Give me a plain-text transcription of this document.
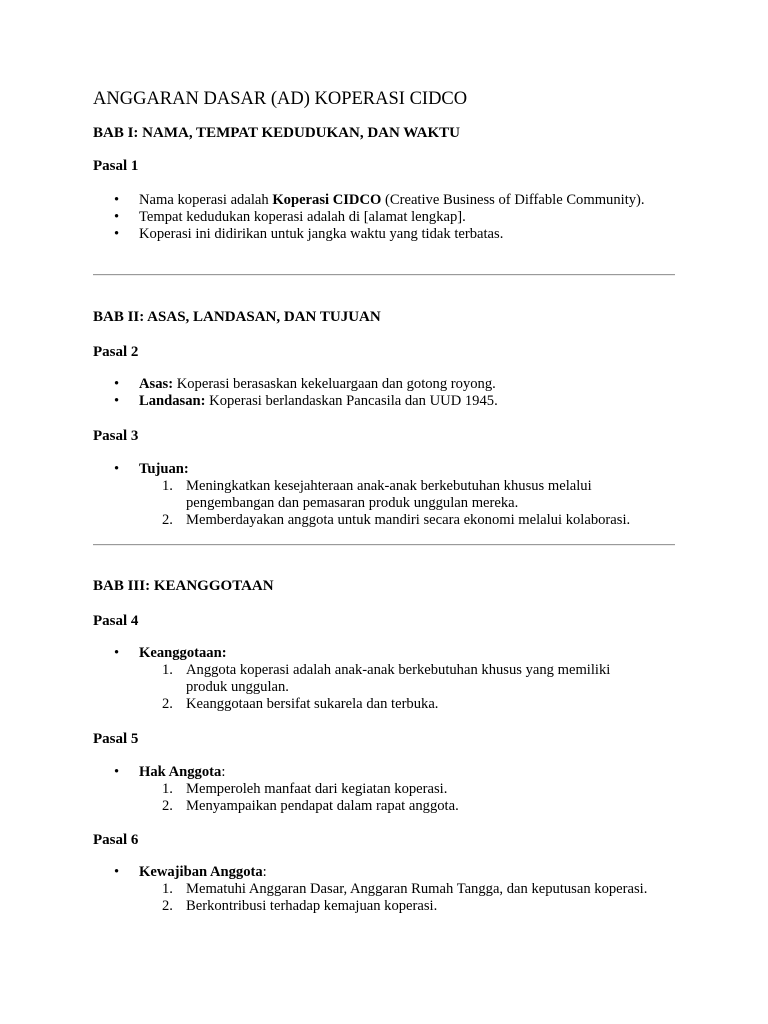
ANGGARAN DASAR (AD) KOPERASI CIDCO
BAB I: NAMA, TEMPAT KEDUDUKAN, DAN WAKTU
Pasal 1
• Nama koperasi adalah Koperasi CIDCO (Creative Business of Diffable Community).
• Tempat kedudukan koperasi adalah di [alamat lengkap].
• Koperasi ini didirikan untuk jangka waktu yang tidak terbatas.
BAB II: ASAS, LANDASAN, DAN TUJUAN
Pasal 2
• Asas: Koperasi berasaskan kekeluargaan dan gotong royong.
• Landasan: Koperasi berlandaskan Pancasila dan UUD 1945.
Pasal 3
• Tujuan:
1. Meningkatkan kesejahteraan anak-anak berkebutuhan khusus melalui pengembangan dan pemasaran produk unggulan mereka.
2. Memberdayakan anggota untuk mandiri secara ekonomi melalui kolaborasi.
BAB III: KEANGGOTAAN
Pasal 4
• Keanggotaan:
1. Anggota koperasi adalah anak-anak berkebutuhan khusus yang memiliki produk unggulan.
2. Keanggotaan bersifat sukarela dan terbuka.
Pasal 5
• Hak Anggota:
1. Memperoleh manfaat dari kegiatan koperasi.
2. Menyampaikan pendapat dalam rapat anggota.
Pasal 6
• Kewajiban Anggota:
1. Mematuhi Anggaran Dasar, Anggaran Rumah Tangga, dan keputusan koperasi.
2. Berkontribusi terhadap kemajuan koperasi.
